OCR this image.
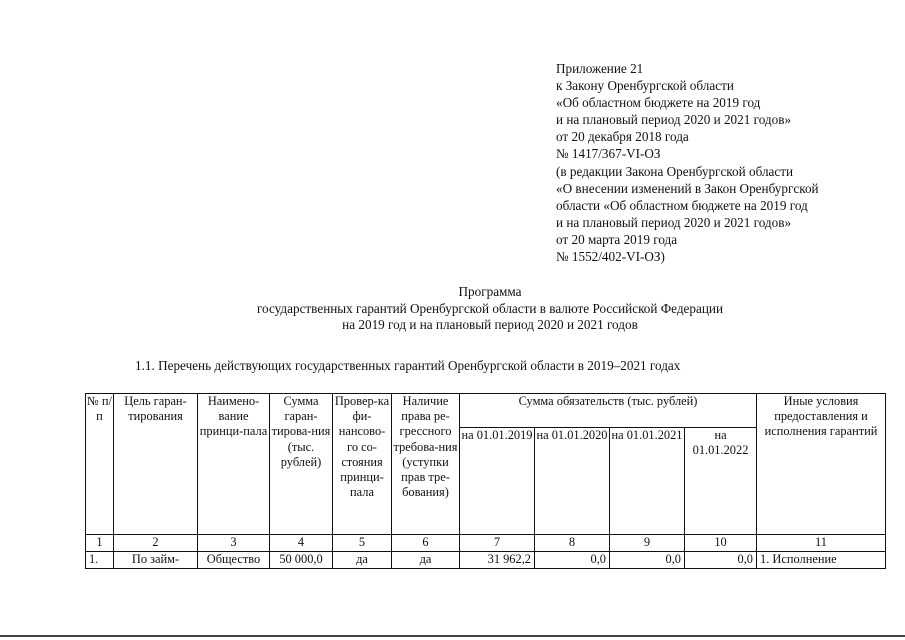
Приложение 21
к Закону Оренбургской области
«Об областном бюджете на 2019 год
и на плановый период 2020 и 2021 годов»
от 20 декабря 2018 года
№ 1417/367-VI-ОЗ
(в редакции Закона Оренбургской области
«О внесении изменений в Закон Оренбургской
области «Об областном бюджете на 2019 год
и на плановый период 2020 и 2021 годов»
от 20 марта 2019 года
№ 1552/402-VI-ОЗ)
Программа
государственных гарантий Оренбургской области в валюте Российской Федерации
на 2019 год и на плановый период 2020 и 2021 годов
1.1. Перечень действующих государственных гарантий Оренбургской области в 2019–2021 годах
№ п/п	Цель гаран-тирования	Наимено-вание принци-пала	Сумма гаран-тирова-ния (тыс. рублей)	Провер-ка фи-нансово-го со-стояния принци-пала	Наличие права ре-грессного требова-ния (уступки прав тре-бования)	Сумма обязательств (тыс. рублей)				Иные условия предоставления и исполнения гарантий
						на 01.01.2019	на 01.01.2020	на 01.01.2021	на 01.01.2022	
1	2	3	4	5	6	7	8	9	10	11
1.	По займ-	Общество	50 000,0	да	да	31 962,2	0,0	0,0	0,0	1. Исполнение
